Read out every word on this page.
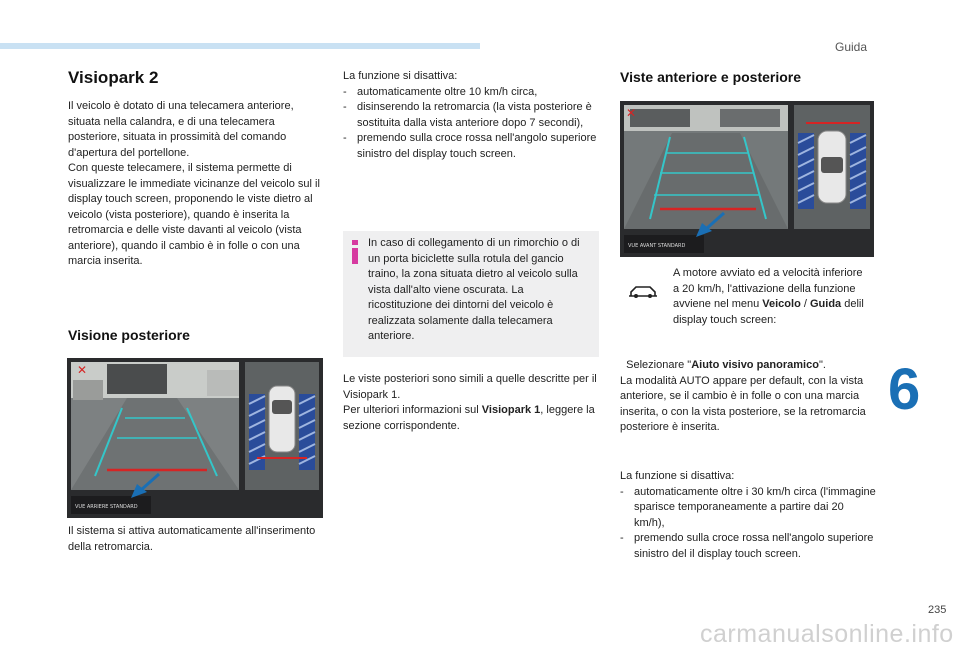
Guida
6
Visiopark 2

Il veicolo è dotato di una telecamera anteriore, situata nella calandra, e di una telecamera posteriore, situata in prossimità del comando d'apertura del portellone.

Con queste telecamere, il sistema permette di visualizzare le immediate vicinanze del veicolo sul il display touch screen, proponendo le viste dietro al veicolo (vista posteriore), quando è inserita la retromarcia e delle viste davanti al veicolo (vista anteriore), quando il cambio è in folle o con una marcia inserita.

Visione posteriore
✕
VUE ARRIERE STANDARD
Il sistema si attiva automaticamente all'inserimento della retromarcia.

La funzione si disattiva:

- automaticamente oltre 10 km/h circa,
- disinserendo la retromarcia (la vista posteriore è sostituita dalla vista anteriore dopo 7 secondi),
- premendo sulla croce rossa nell'angolo superiore sinistro del display touch screen.
In caso di collegamento di un rimorchio o di un porta biciclette sulla rotula del gancio traino, la zona situata dietro al veicolo sulla vista dall'alto viene oscurata. La ricostituzione dei dintorni del veicolo è realizzata solamente dalla telecamera anteriore.

Le viste posteriori sono simili a quelle descritte per il Visiopark 1.

Per ulteriori informazioni sul Visiopark 1, leggere la sezione corrispondente.

Viste anteriore e posteriore
✕
VUE AVANT STANDARD
A motore avviato ed a velocità inferiore a 20 km/h, l'attivazione della funzione avviene nel menu Veicolo / Guida delil display touch screen:

Selezionare "Aiuto visivo panoramico".

La modalità AUTO appare per default, con la vista anteriore, se il cambio è in folle o con una marcia inserita, o con la vista posteriore, se la retromarcia posteriore è inserita.

La funzione si disattiva:

- automaticamente oltre i 30 km/h circa (l'immagine sparisce temporaneamente a partire dai 20 km/h),
- premendo sulla croce rossa nell'angolo superiore sinistro del il display touch screen.
235
carmanualsonline.info
